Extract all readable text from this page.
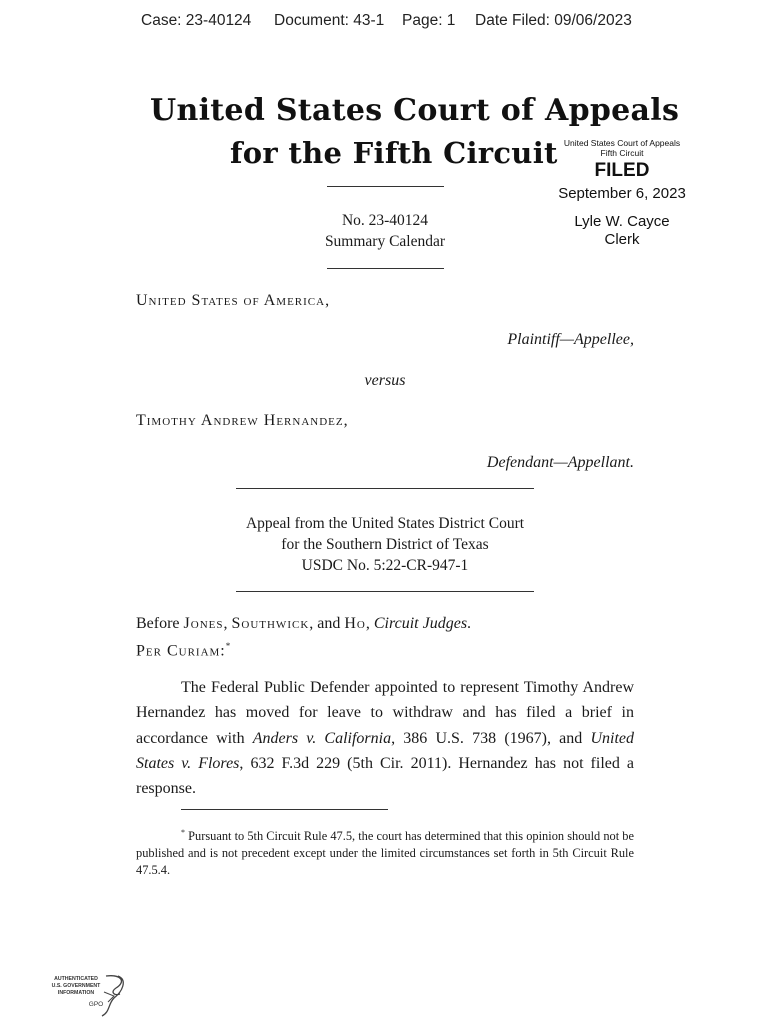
Case: 23-40124 Document: 43-1 Page: 1 Date Filed: 09/06/2023
United States Court of Appeals
for the Fifth Circuit United States Court of Appeals
Fifth Circuit
FILED
September 6, 2023
Lyle W. Cayce
Clerk
No. 23-40124
Summary Calendar
United States of America,
Plaintiff—Appellee,
versus
Timothy Andrew Hernandez,
Defendant—Appellant.
Appeal from the United States District Court
for the Southern District of Texas
USDC No. 5:22-CR-947-1
Before Jones, Southwick, and Ho, Circuit Judges.
Per Curiam:*

The Federal Public Defender appointed to represent Timothy Andrew Hernandez has moved for leave to withdraw and has filed a brief in accordance with Anders v. California, 386 U.S. 738 (1967), and United States v. Flores, 632 F.3d 229 (5th Cir. 2011). Hernandez has not filed a response.

* Pursuant to 5th Circuit Rule 47.5, the court has determined that this opinion should not be published and is not precedent except under the limited circumstances set forth in 5th Circuit Rule 47.5.4.

AUTHENTICATED
U.S. GOVERNMENT
INFORMATION
GPO
